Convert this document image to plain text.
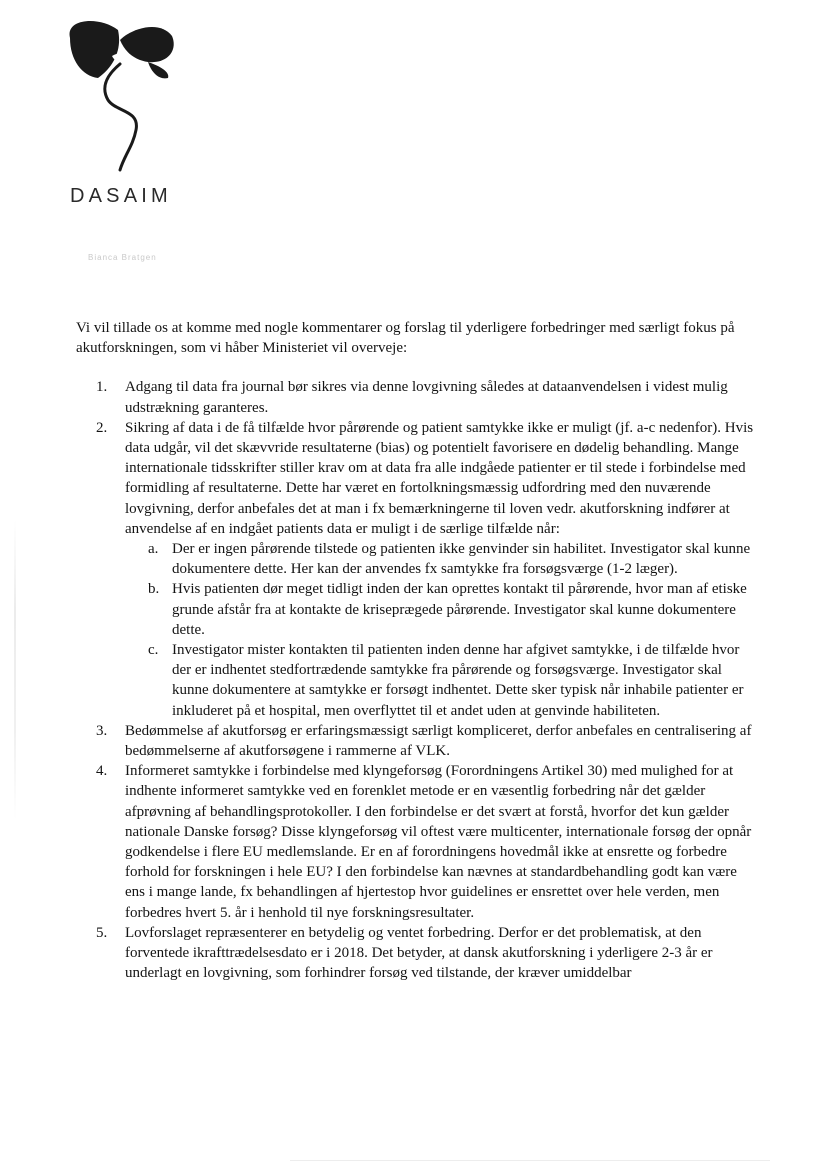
DASAIM
Bianca Bratgen

Vi vil tillade os at komme med nogle kommentarer og forslag til yderligere forbedringer med særligt fokus på akutforskningen, som vi håber Ministeriet vil overveje:

1. Adgang til data fra journal bør sikres via denne lovgivning således at dataanvendelsen i videst mulig udstrækning garanteres.
2. Sikring af data i de få tilfælde hvor pårørende og patient samtykke ikke er muligt (jf. a-c nedenfor). Hvis data udgår, vil det skævvride resultaterne (bias) og potentielt favorisere en dødelig behandling. Mange internationale tidsskrifter stiller krav om at data fra alle indgåede patienter er til stede i forbindelse med formidling af resultaterne. Dette har været en fortolkningsmæssig udfordring med den nuværende lovgivning, derfor anbefales det at man i fx bemærkningerne til loven vedr. akutforskning indfører at anvendelse af en indgået patients data er muligt i de særlige tilfælde når:
a. Der er ingen pårørende tilstede og patienten ikke genvinder sin habilitet. Investigator skal kunne dokumentere dette. Her kan der anvendes fx samtykke fra forsøgsværge (1-2 læger).
b. Hvis patienten dør meget tidligt inden der kan oprettes kontakt til pårørende, hvor man af etiske grunde afstår fra at kontakte de kriseprægede pårørende. Investigator skal kunne dokumentere dette.
c. Investigator mister kontakten til patienten inden denne har afgivet samtykke, i de tilfælde hvor der er indhentet stedfortrædende samtykke fra pårørende og forsøgsværge. Investigator skal kunne dokumentere at samtykke er forsøgt indhentet. Dette sker typisk når inhabile patienter er inkluderet på et hospital, men overflyttet til et andet uden at genvinde habiliteten.
3. Bedømmelse af akutforsøg er erfaringsmæssigt særligt kompliceret, derfor anbefales en centralisering af bedømmelserne af akutforsøgene i rammerne af VLK.
4. Informeret samtykke i forbindelse med klyngeforsøg (Forordningens Artikel 30) med mulighed for at indhente informeret samtykke ved en forenklet metode er en væsentlig forbedring når det gælder afprøvning af behandlingsprotokoller. I den forbindelse er det svært at forstå, hvorfor det kun gælder nationale Danske forsøg? Disse klyngeforsøg vil oftest være multicenter, internationale forsøg der opnår godkendelse i flere EU medlemslande. Er en af forordningens hovedmål ikke at ensrette og forbedre forhold for forskningen i hele EU? I den forbindelse kan nævnes at standardbehandling godt kan være ens i mange lande, fx behandlingen af hjertestop hvor guidelines er ensrettet over hele verden, men forbedres hvert 5. år i henhold til nye forskningsresultater.
5. Lovforslaget repræsenterer en betydelig og ventet forbedring. Derfor er det problematisk, at den forventede ikrafttrædelsesdato er i 2018. Det betyder, at dansk akutforskning i yderligere 2-3 år er underlagt en lovgivning, som forhindrer forsøg ved tilstande, der kræver umiddelbar
